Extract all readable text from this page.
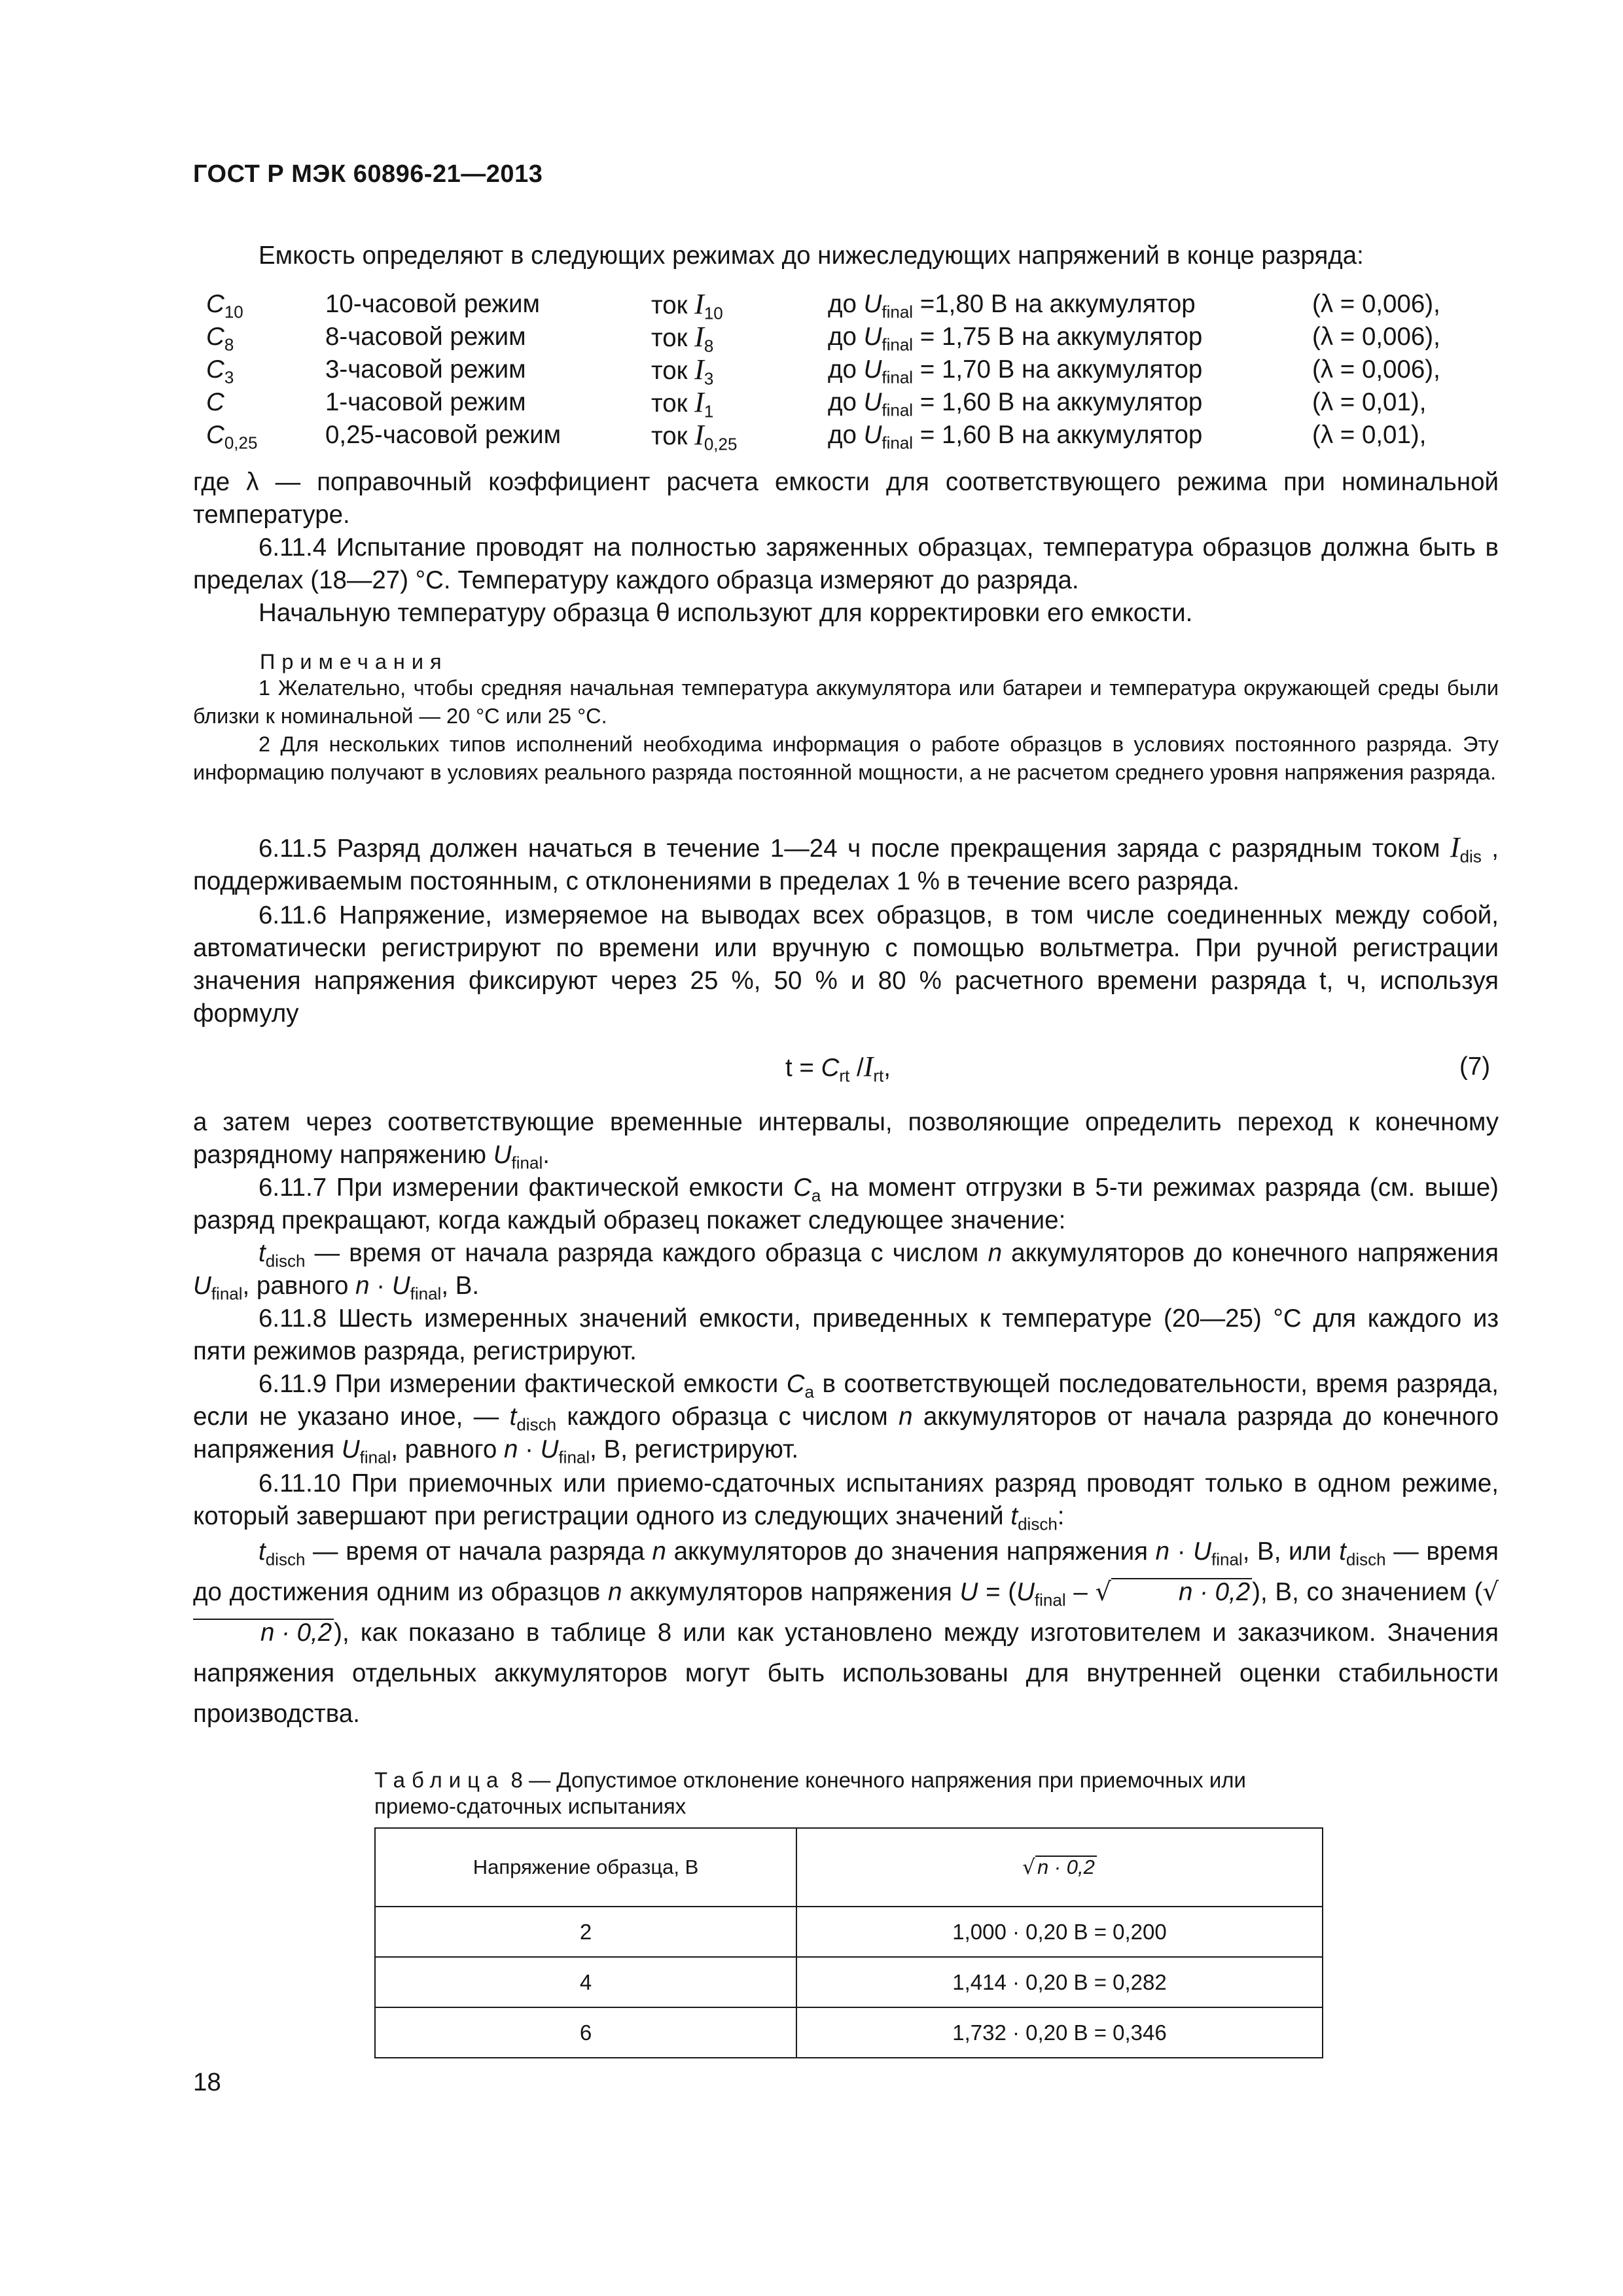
ГОСТ Р МЭК 60896-21—2013
Емкость определяют в следующих режимах до нижеследующих напряжений в конце разряда:
$C_{10}$	10-часовой режим	ток $I_{10}$	до $U_{final} =1,80$ В на аккумулятор	(λ = 0,006),
$C_8$	8-часовой режим	ток $I_8$	до $U_{final} = 1,75$ В на аккумулятор	(λ = 0,006),
$C_3$	3-часовой режим	ток $I_3$	до $U_{final} = 1,70$ В на аккумулятор	(λ = 0,006),
C	1-часовой режим	ток $I_1$	до $U_{final} = 1,60$ В на аккумулятор	(λ = 0,01),
$C_{0,25}$	0,25-часовой режим	ток $I_{0,25}$	до $U_{final} = 1,60$ В на аккумулятор	(λ = 0,01),
где λ — поправочный коэффициент расчета емкости для соответствующего режима при номинальной температуре.
6.11.4 Испытание проводят на полностью заряженных образцах, температура образцов должна быть в пределах (18—27) °С. Температуру каждого образца измеряют до разряда.
Начальную температуру образца θ используют для корректировки его емкости.
Примечания
1 Желательно, чтобы средняя начальная температура аккумулятора или батареи и температура окружающей среды были близки к номинальной — 20 °С или 25 °С.
2 Для нескольких типов исполнений необходима информация о работе образцов в условиях постоянного разряда. Эту информацию получают в условиях реального разряда постоянной мощности, а не расчетом среднего уровня напряжения разряда.
6.11.5 Разряд должен начаться в течение 1—24 ч после прекращения заряда с разрядным током $I_{dis}$ , поддерживаемым постоянным, с отклонениями в пределах 1 % в течение всего разряда.
6.11.6 Напряжение, измеряемое на выводах всех образцов, в том числе соединенных между собой, автоматически регистрируют по времени или вручную с помощью вольтметра. При ручной регистрации значения напряжения фиксируют через 25 %, 50 % и 80 % расчетного времени разряда t, ч, используя формулу
$t = C_{rt}$ $/I_{rt}$,	(7)
а затем через соответствующие временные интервалы, позволяющие определить переход к конечному разрядному напряжению $U_{final}$.
6.11.7 При измерении фактической емкости $C_a$ на момент отгрузки в 5-ти режимах разряда (см. выше) разряд прекращают, когда каждый образец покажет следующее значение:
$t_{disch}$ — время от начала разряда каждого образца с числом n аккумуляторов до конечного напряжения $U_{final}$, равного $n \cdot U_{final}$, В.
6.11.8 Шесть измеренных значений емкости, приведенных к температуре (20—25) °С для каждого из пяти режимов разряда, регистрируют.
6.11.9 При измерении фактической емкости $C_a$ в соответствующей последовательности, время разряда, если не указано иное, — $t_{disch}$ каждого образца с числом n аккумуляторов от начала разряда до конечного напряжения $U_{final}$, равного $n \cdot U_{final}$, В, регистрируют.
6.11.10 При приемочных или приемо-сдаточных испытаниях разряд проводят только в одном режиме, который завершают при регистрации одного из следующих значений $t_{disch}$:
$t_{disch}$ — время от начала разряда n аккумуляторов до значения напряжения $n \cdot U_{final}$, В, или $t_{disch}$ — время до достижения одним из образцов n аккумуляторов напряжения $U = (U_{final}$ – √	n · 0,2), В, со значением (√n · 0,2), как показано в таблице 8 или как установлено между изготовителем и заказчиком. Значения напряжения отдельных аккумуляторов могут быть использованы для внутренней оценки стабильности производства.
Таблица 8 — Допустимое отклонение конечного напряжения при приемочных или приемо-сдаточных испытаниях
Напряжение образца, В	√n · 0,2
2	1,000 · 0,20 В = 0,200
4	1,414 · 0,20 В = 0,282
6	1,732 · 0,20 В = 0,346
18
